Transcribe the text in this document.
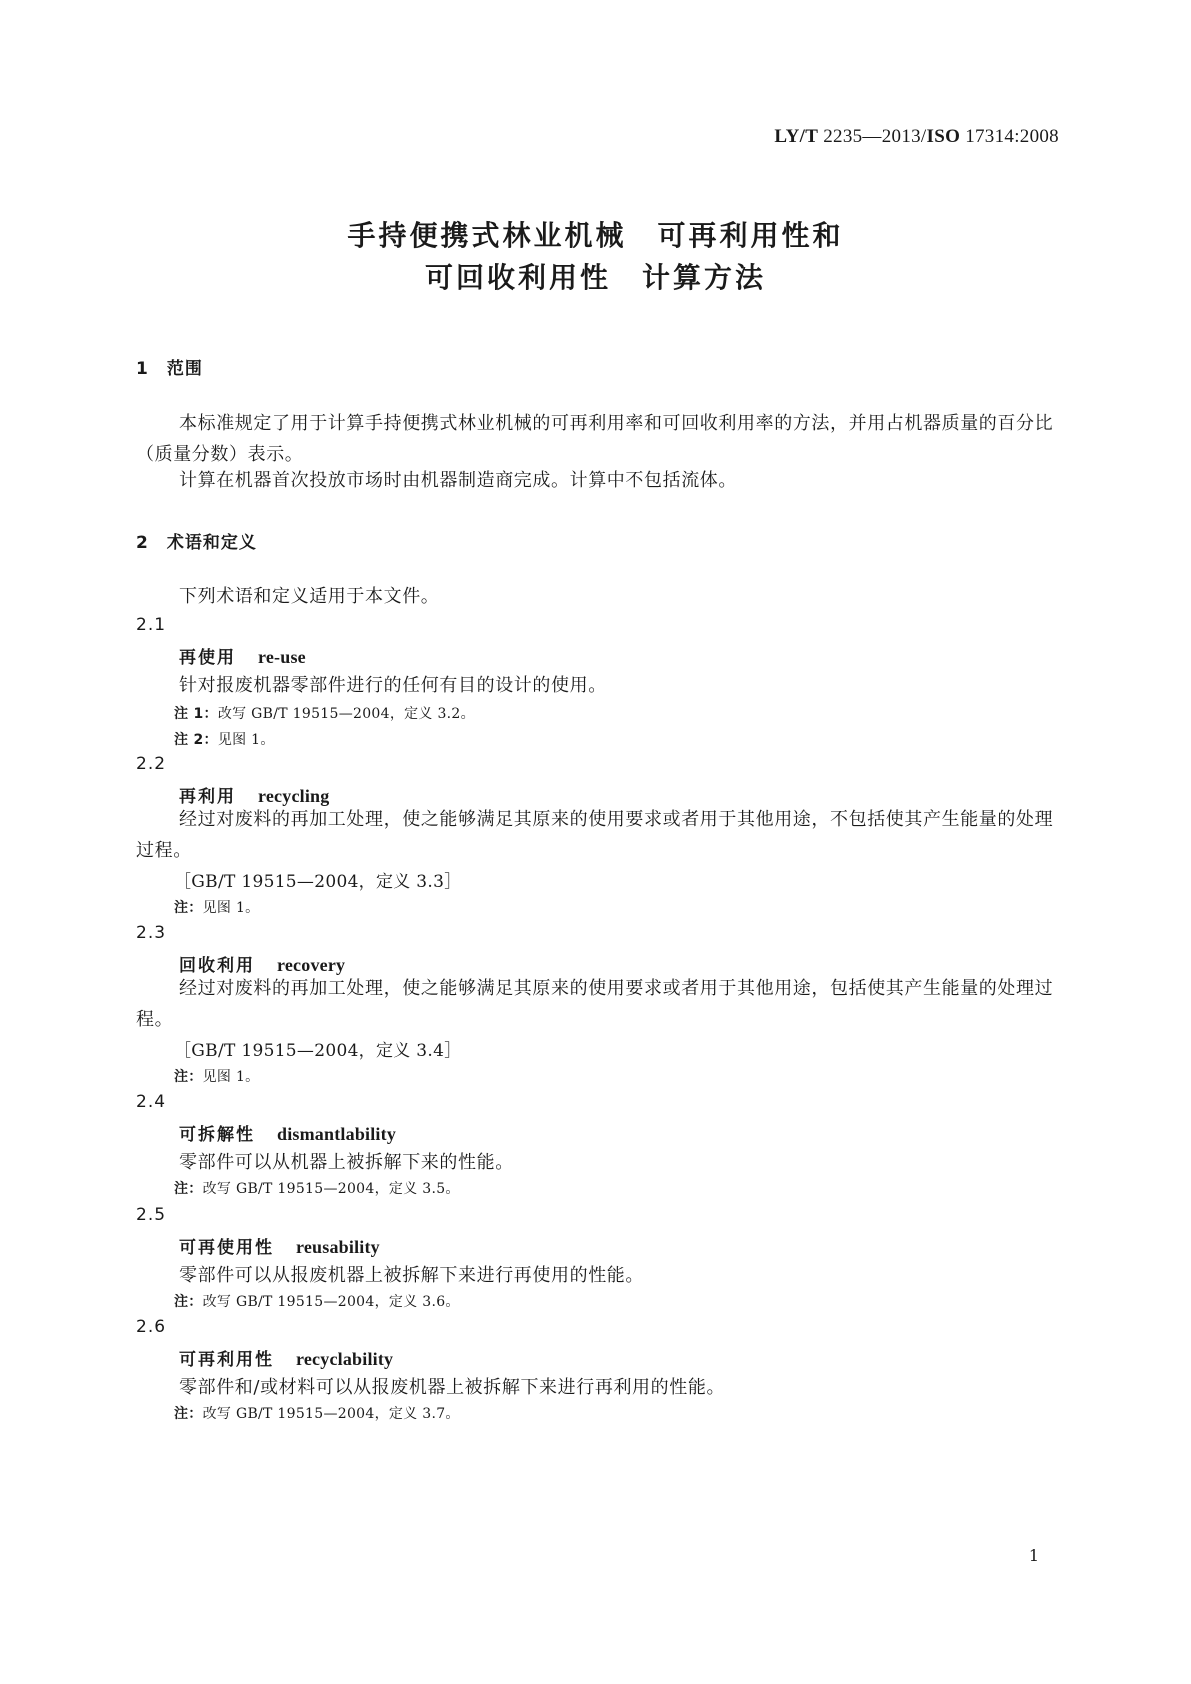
LY/T 2235—2013/ISO 17314:2008
手持便携式林业机械　可再利用性和
可回收利用性　计算方法
1　范围
本标准规定了用于计算手持便携式林业机械的可再利用率和可回收利用率的方法，并用占机器质量的百分比（质量分数）表示。
计算在机器首次投放市场时由机器制造商完成。计算中不包括流体。
2　术语和定义
下列术语和定义适用于本文件。
2.1
再使用 re-use
针对报废机器零部件进行的任何有目的设计的使用。
注 1：改写 GB/T 19515—2004，定义 3.2。
注 2：见图 1。
2.2
再利用 recycling
经过对废料的再加工处理，使之能够满足其原来的使用要求或者用于其他用途，不包括使其产生能量的处理过程。
［GB/T 19515—2004，定义 3.3］
注：见图 1。
2.3
回收利用 recovery
经过对废料的再加工处理，使之能够满足其原来的使用要求或者用于其他用途，包括使其产生能量的处理过程。
［GB/T 19515—2004，定义 3.4］
注：见图 1。
2.4
可拆解性 dismantlability
零部件可以从机器上被拆解下来的性能。
注：改写 GB/T 19515—2004，定义 3.5。
2.5
可再使用性 reusability
零部件可以从报废机器上被拆解下来进行再使用的性能。
注：改写 GB/T 19515—2004，定义 3.6。
2.6
可再利用性 recyclability
零部件和/或材料可以从报废机器上被拆解下来进行再利用的性能。
注：改写 GB/T 19515—2004，定义 3.7。
1
